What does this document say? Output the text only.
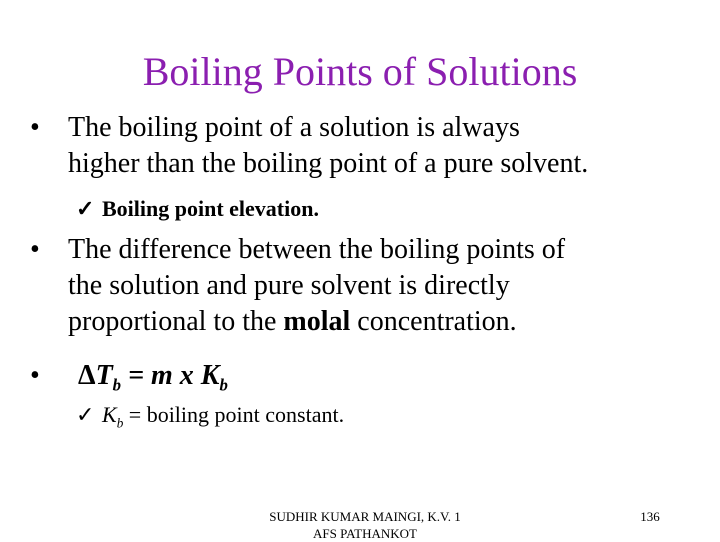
Boiling Points of Solutions
• The boiling point of a solution is always
higher than the boiling point of a pure solvent.
✓ Boiling point elevation.
• The difference between the boiling points of
the solution and pure solvent is directly
proportional to the molal concentration.
• $\Delta T_b = m$ x $K_b$
✓ $K_b$ = boiling point constant.
SUDHIR KUMAR MAINGI, K.V. 1
AFS PATHANKOT
136
